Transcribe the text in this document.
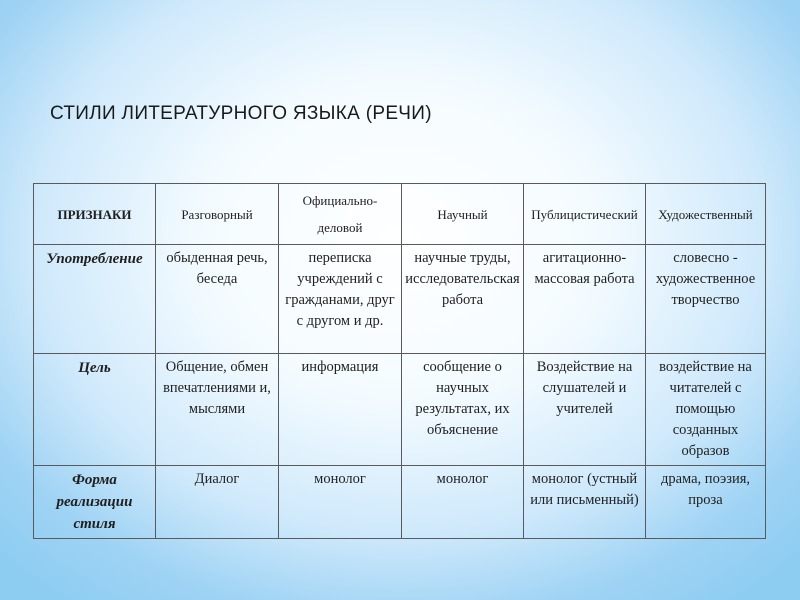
СТИЛИ ЛИТЕРАТУРНОГО ЯЗЫКА (РЕЧИ)
ПРИЗНАКИ	Разговорный	Официально-деловой	Научный	Публицистический	Художественный
Употребление	обыденная речь, беседа	переписка учреждений с гражданами, друг с другом и др.	научные труды, исследовательская работа	агитационно-массовая работа	словесно - художественное творчество
Цель	Общение, обмен впечатлениями и, мыслями	информация	сообщение о научных результатах, их объяснение	Воздействие на слушателей и учителей	воздействие на читателей с помощью созданных образов
Форма реализации стиля	Диалог	монолог	монолог	монолог (устный или письменный)	драма, поэзия, проза
